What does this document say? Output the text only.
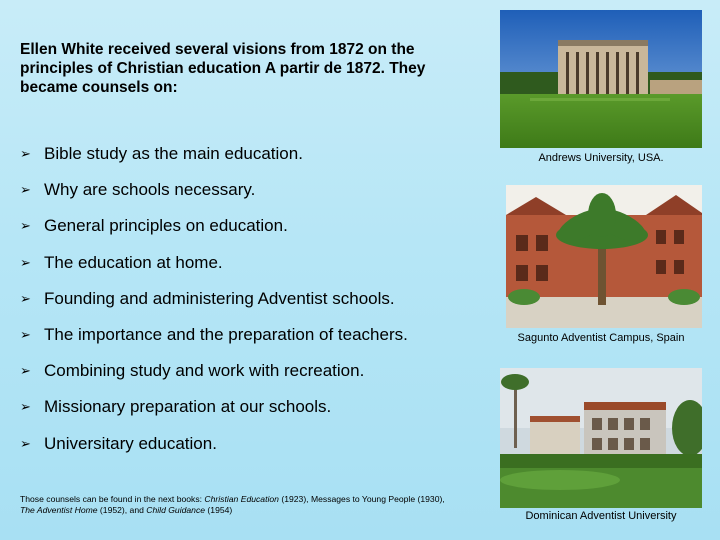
Ellen White received several visions from 1872 on the principles of Christian education A partir de 1872. They became counsels on:
➢ Bible study as the main education.
➢ Why are schools necessary.
➢ General principles on education.
➢ The education at home.
➢ Founding and administering Adventist schools.
➢ The importance and the preparation of teachers.
➢ Combining study and work with recreation.
➢ Missionary preparation at our schools.
➢ Universitary education.
Those counsels can be found in the next books: Christian Education (1923), Messages to Young People (1930), The Adventist Home (1952), and Child Guidance (1954)
Andrews University, USA.
Sagunto Adventist Campus, Spain
Dominican Adventist University
